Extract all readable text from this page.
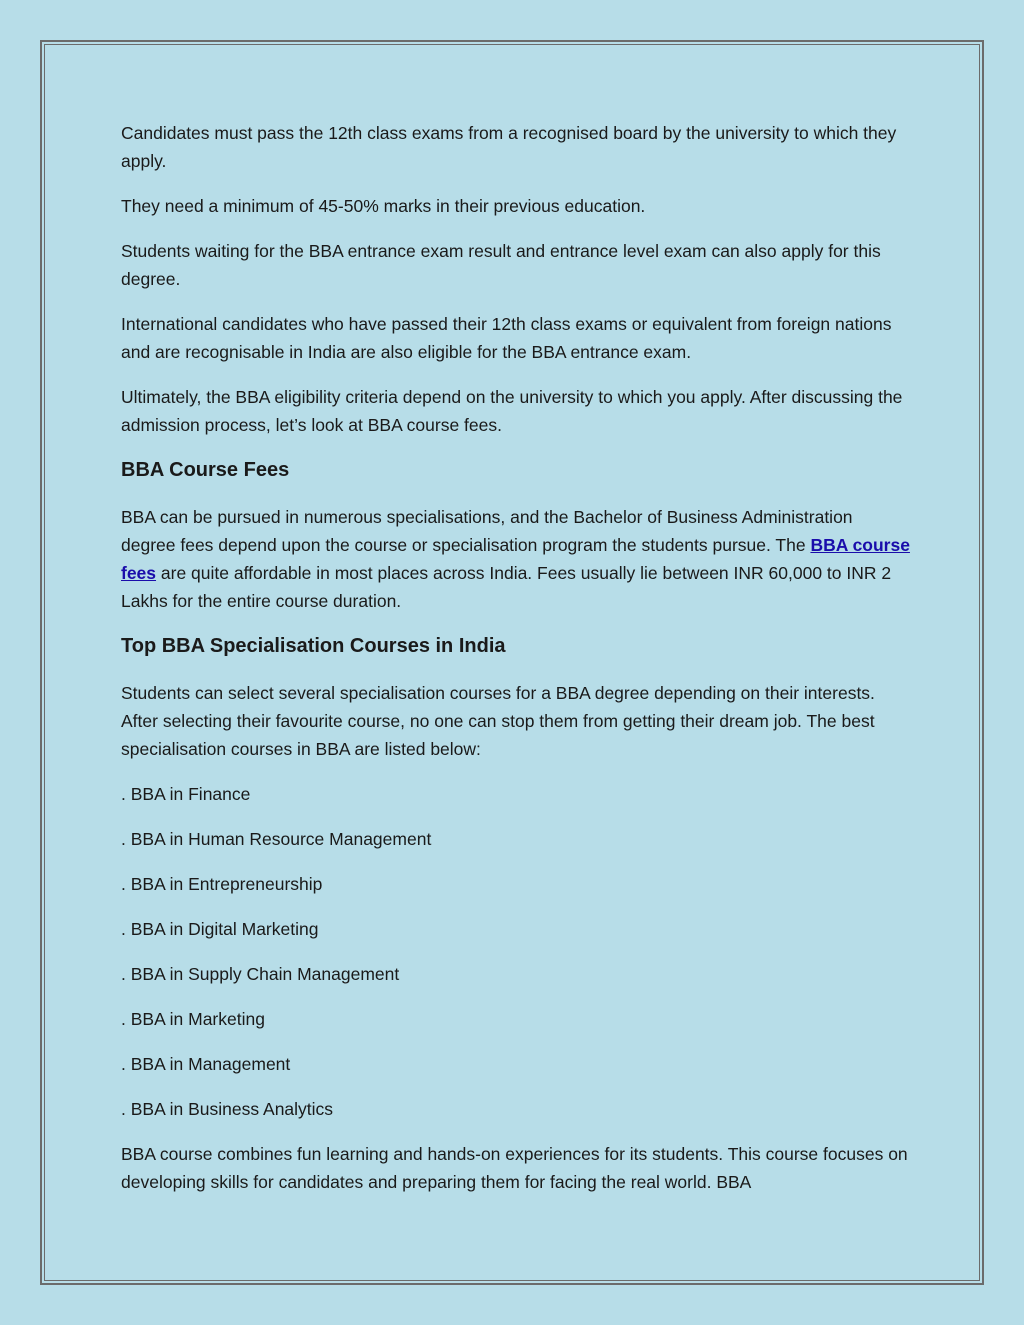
Candidates must pass the 12th class exams from a recognised board by the university to which they apply.

They need a minimum of 45-50% marks in their previous education.

Students waiting for the BBA entrance exam result and entrance level exam can also apply for this degree.

International candidates who have passed their 12th class exams or equivalent from foreign nations and are recognisable in India are also eligible for the BBA entrance exam.

Ultimately, the BBA eligibility criteria depend on the university to which you apply. After discussing the admission process, let’s look at BBA course fees.

BBA Course Fees

BBA can be pursued in numerous specialisations, and the Bachelor of Business Administration degree fees depend upon the course or specialisation program the students pursue. The BBA course fees are quite affordable in most places across India. Fees usually lie between INR 60,000 to INR 2 Lakhs for the entire course duration.

Top BBA Specialisation Courses in India

Students can select several specialisation courses for a BBA degree depending on their interests. After selecting their favourite course, no one can stop them from getting their dream job. The best specialisation courses in BBA are listed below:

. BBA in Finance

. BBA in Human Resource Management

. BBA in Entrepreneurship

. BBA in Digital Marketing

. BBA in Supply Chain Management

. BBA in Marketing

. BBA in Management

. BBA in Business Analytics

BBA course combines fun learning and hands-on experiences for its students. This course focuses on developing skills for candidates and preparing them for facing the real world. BBA
